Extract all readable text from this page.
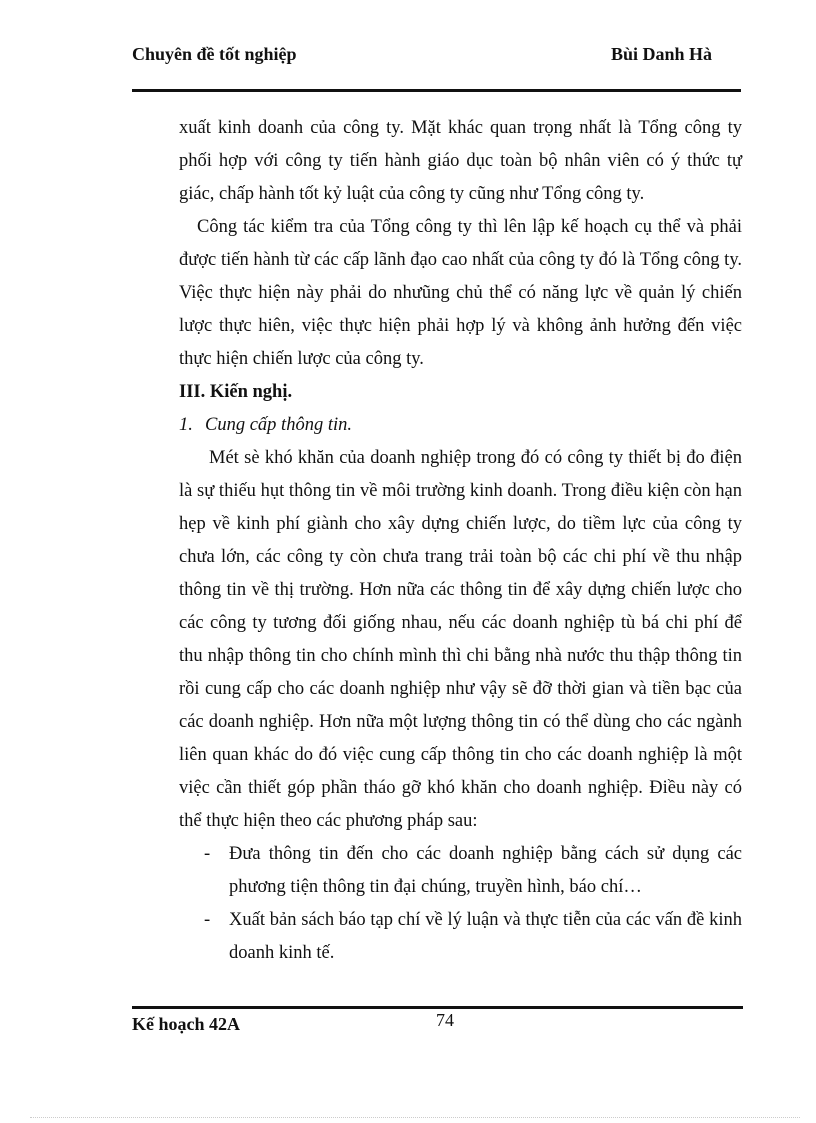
Chuyên đề tốt nghiệp	Bùi Danh Hà

xuất kinh doanh của công ty. Mặt khác quan trọng nhất là Tổng công ty phối hợp với công ty tiến hành giáo dục toàn bộ nhân viên có ý thức tự giác, chấp hành tốt kỷ luật của công ty cũng như Tổng công ty.

Công tác kiểm tra của Tổng công ty thì lên lập kế hoạch cụ thể và phải được tiến hành từ các cấp lãnh đạo cao nhất của công ty đó là Tổng công ty. Việc thực hiện này phải do nhưũng chủ thể có năng lực về quản lý chiến lược thực hiên, việc thực hiện phải hợp lý và không ảnh hưởng đến việc thực hiện chiến lược của công ty.

III. Kiến nghị.

1. Cung cấp thông tin.

Mét sè khó khăn của doanh nghiệp trong đó có công ty thiết bị đo điện là sự thiếu hụt thông tin về môi trường kinh doanh. Trong điều kiện còn hạn hẹp về kinh phí giành cho xây dựng chiến lược, do tiềm lực của công ty chưa lớn, các công ty còn chưa trang trải toàn bộ các chi phí về thu nhập thông tin về thị trường. Hơn nữa các thông tin để xây dựng chiến lược cho các công ty tương đối giống nhau, nếu các doanh nghiệp tù bá chi phí để thu nhập thông tin cho chính mình thì chi bằng nhà nước thu thập thông tin rồi cung cấp cho các doanh nghiệp như vậy sẽ đỡ thời gian và tiền bạc của các doanh nghiệp. Hơn nữa một lượng thông tin có thể dùng cho các ngành liên quan khác do đó việc cung cấp thông tin cho các doanh nghiệp là một việc cần thiết góp phần tháo gỡ khó khăn cho doanh nghiệp. Điều này có thể thực hiện theo các phương pháp sau:

- Đưa thông tin đến cho các doanh nghiệp bằng cách sử dụng các phương tiện thông tin đại chúng, truyền hình, báo chí…

- Xuất bản sách báo tạp chí về lý luận và thực tiễn của các vấn đề kinh doanh kinh tế.

Kế hoạch 42A	74
